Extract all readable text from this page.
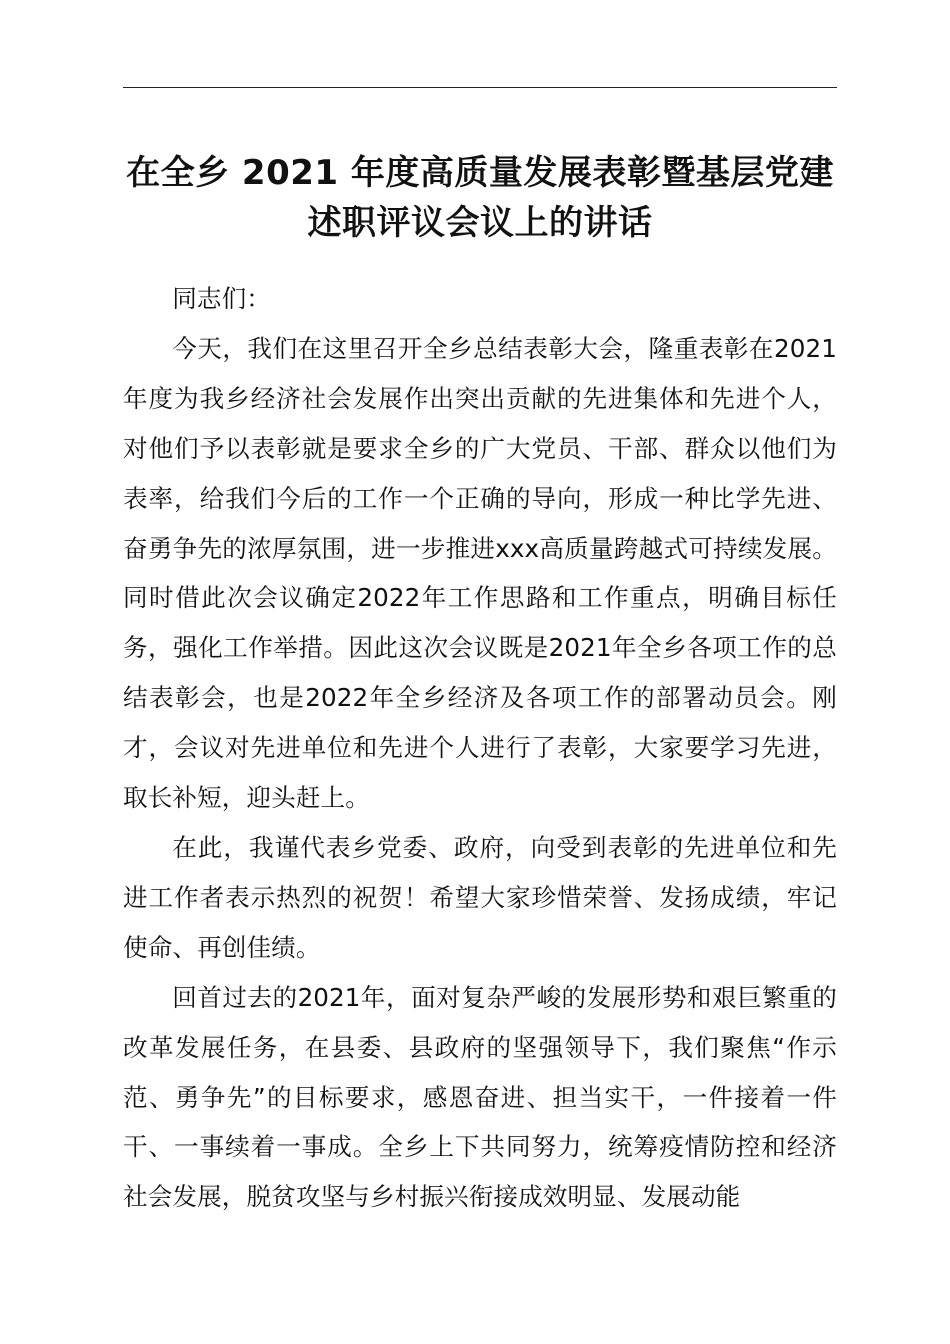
在全乡 2021 年度高质量发展表彰暨基层党建
述职评议会议上的讲话

同志们：

今天，我们在这里召开全乡总结表彰大会，隆重表彰在2021年度为我乡经济社会发展作出突出贡献的先进集体和先进个人，对他们予以表彰就是要求全乡的广大党员、干部、群众以他们为表率，给我们今后的工作一个正确的导向，形成一种比学先进、奋勇争先的浓厚氛围，进一步推进xxx高质量跨越式可持续发展。同时借此次会议确定2022年工作思路和工作重点，明确目标任务，强化工作举措。因此这次会议既是2021年全乡各项工作的总结表彰会，也是2022年全乡经济及各项工作的部署动员会。刚才，会议对先进单位和先进个人进行了表彰，大家要学习先进，取长补短，迎头赶上。

在此，我谨代表乡党委、政府，向受到表彰的先进单位和先进工作者表示热烈的祝贺！希望大家珍惜荣誉、发扬成绩，牢记使命、再创佳绩。

回首过去的2021年，面对复杂严峻的发展形势和艰巨繁重的改革发展任务，在县委、县政府的坚强领导下，我们聚焦“作示范、勇争先”的目标要求，感恩奋进、担当实干，一件接着一件干、一事续着一事成。全乡上下共同努力，统筹疫情防控和经济社会发展，脱贫攻坚与乡村振兴衔接成效明显、发展动能
